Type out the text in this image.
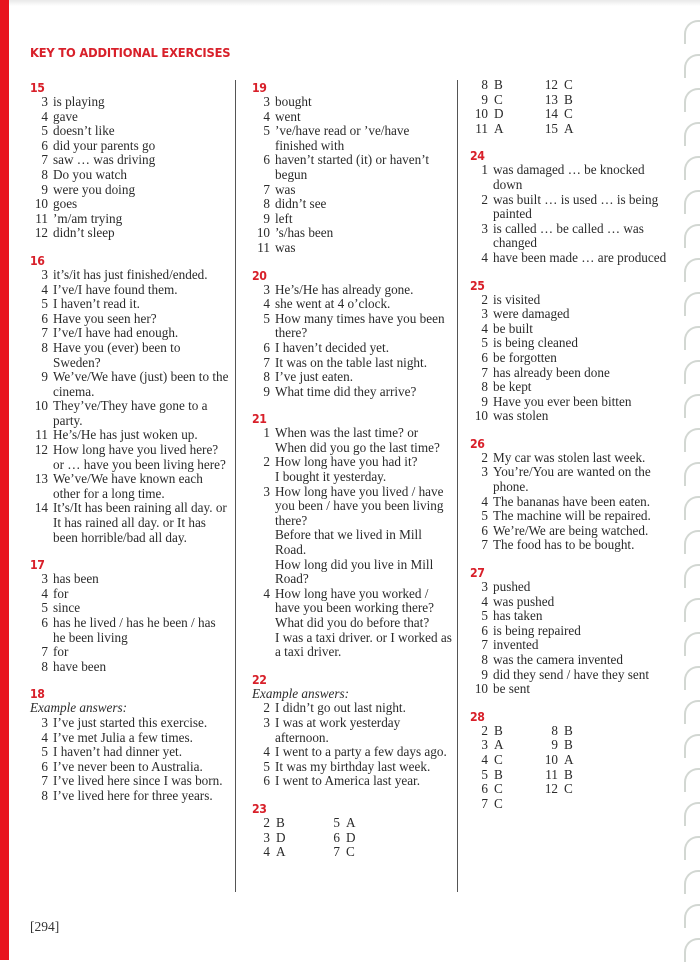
KEY TO ADDITIONAL EXERCISES
15
3 is playing
4 gave
5 doesn’t like
6 did your parents go
7 saw … was driving
8 Do you watch
9 were you doing
10 goes
11 ’m/am trying
12 didn’t sleep
16
3 it’s/it has just finished/ended.
4 I’ve/I have found them.
5 I haven’t read it.
6 Have you seen her?
7 I’ve/I have had enough.
8 Have you (ever) been to Sweden?
9 We’ve/We have (just) been to the cinema.
10 They’ve/They have gone to a party.
11 He’s/He has just woken up.
12 How long have you lived here? or … have you been living here?
13 We’ve/We have known each other for a long time.
14 It’s/It has been raining all day. or It has rained all day. or It has been horrible/bad all day.
17
3 has been
4 for
5 since
6 has he lived / has he been / has he been living
7 for
8 have been
18
Example answers:
3 I’ve just started this exercise.
4 I’ve met Julia a few times.
5 I haven’t had dinner yet.
6 I’ve never been to Australia.
7 I’ve lived here since I was born.
8 I’ve lived here for three years.
19
3 bought
4 went
5 ’ve/have read or ’ve/have finished with
6 haven’t started (it) or haven’t begun
7 was
8 didn’t see
9 left
10 ’s/has been
11 was
20
3 He’s/He has already gone.
4 she went at 4 o’clock.
5 How many times have you been there?
6 I haven’t decided yet.
7 It was on the table last night.
8 I’ve just eaten.
9 What time did they arrive?
21
1 When was the last time? or When did you go the last time?
2 How long have you had it?
I bought it yesterday.
3 How long have you lived / have you been / have you been living there?
Before that we lived in Mill Road.
How long did you live in Mill Road?
4 How long have you worked / have you been working there?
What did you do before that?
I was a taxi driver. or I worked as a taxi driver.
22
Example answers:
2 I didn’t go out last night.
3 I was at work yesterday afternoon.
4 I went to a party a few days ago.
5 It was my birthday last week.
6 I went to America last year.
23
2 B	5 A
3 D	6 D
4 A	7 C
8 B	12 C
9 C	13 B
10 D	14 C
11 A	15 A
24
1 was damaged … be knocked down
2 was built … is used … is being painted
3 is called … be called … was changed
4 have been made … are produced
25
2 is visited
3 were damaged
4 be built
5 is being cleaned
6 be forgotten
7 has already been done
8 be kept
9 Have you ever been bitten
10 was stolen
26
2 My car was stolen last week.
3 You’re/You are wanted on the phone.
4 The bananas have been eaten.
5 The machine will be repaired.
6 We’re/We are being watched.
7 The food has to be bought.
27
3 pushed
4 was pushed
5 has taken
6 is being repaired
7 invented
8 was the camera invented
9 did they send / have they sent
10 be sent
28
2 B	8 B
3 A	9 B
4 C	10 A
5 B	11 B
6 C	12 C
7 C
[294]
